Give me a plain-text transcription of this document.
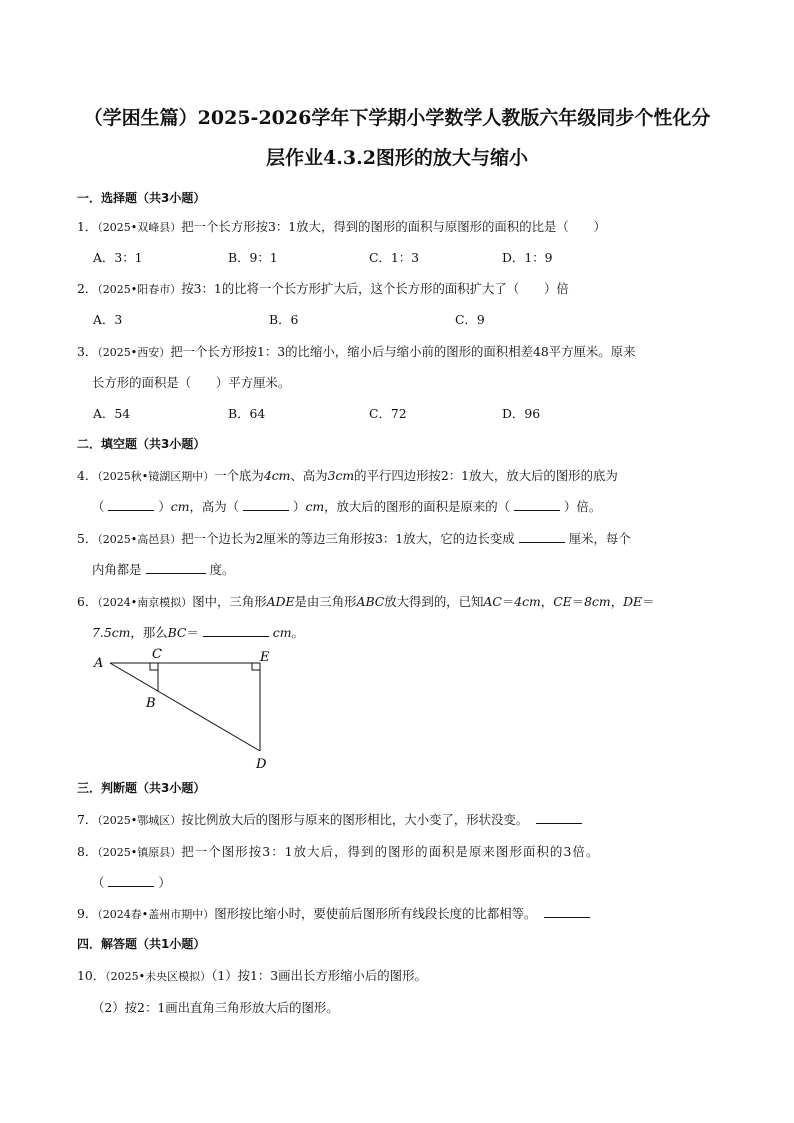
（学困生篇）2025-2026学年下学期小学数学人教版六年级同步个性化分
层作业4.3.2图形的放大与缩小
一．选择题（共3小题）
1．（2025•双峰县）把一个长方形按3：1放大，得到的图形的面积与原图形的面积的比是（　　）
A．3：1	B．9：1	C．1：3	D．1：9
2．（2025•阳春市）按3：1的比将一个长方形扩大后，这个长方形的面积扩大了（　　）倍
A．3	B．6	C．9
3．（2025•西安）把一个长方形按1：3的比缩小，缩小后与缩小前的图形的面积相差48平方厘米。原来
长方形的面积是（　　）平方厘米。
A．54	B．64	C．72	D．96
二．填空题（共3小题）
4．（2025秋•镜湖区期中）一个底为4cm、高为3cm的平行四边形按2：1放大，放大后的图形的底为
（	）cm，高为（	）cm，放大后的图形的面积是原来的（	）倍。
5．（2025•高邑县）把一个边长为2厘米的等边三角形按3：1放大，它的边长变成	厘米，每个
内角都是	度。
6．（2024•南京模拟）图中，三角形ADE是由三角形ABC放大得到的，已知AC＝4cm，CE＝8cm，DE＝
7.5cm，那么BC＝	cm。
A
C	E
B
D
三．判断题（共3小题）
7．（2025•鄂城区）按比例放大后的图形与原来的图形相比，大小变了，形状没变。
8．（2025•镇原县）把一个图形按3：1放大后，得到的图形的面积是原来图形面积的3倍。
（	）
9．（2024春•盖州市期中）图形按比缩小时，要使前后图形所有线段长度的比都相等。
四．解答题（共1小题）
10．（2025•未央区模拟）（1）按1：3画出长方形缩小后的图形。
（2）按2：1画出直角三角形放大后的图形。
